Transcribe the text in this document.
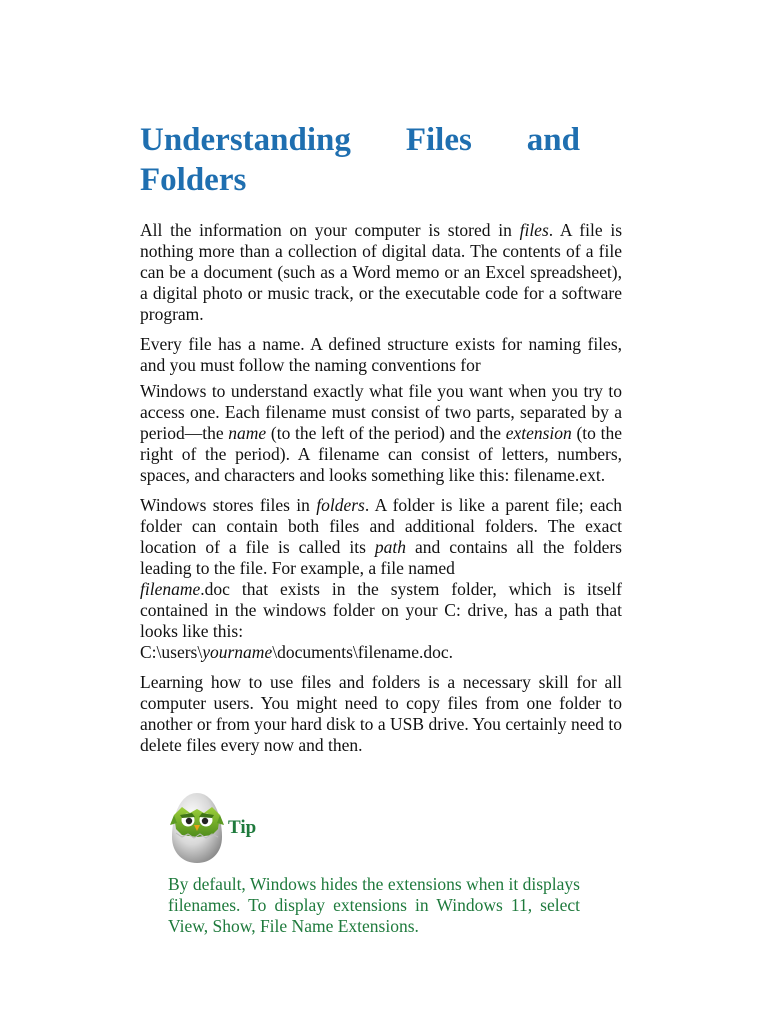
Understanding Files and
Folders

All the information on your computer is stored in files. A file is nothing more than a collection of digital data. The contents of a file can be a document (such as a Word memo or an Excel spreadsheet), a digital photo or music track, or the executable code for a software program.

Every file has a name. A defined structure exists for naming files, and you must follow the naming conventions for

Windows to understand exactly what file you want when you try to access one. Each filename must consist of two parts, separated by a period—the name (to the left of the period) and the extension (to the right of the period). A filename can consist of letters, numbers, spaces, and characters and looks something like this: filename.ext.

Windows stores files in folders. A folder is like a parent file; each folder can contain both files and additional folders. The exact location of a file is called its path and contains all the folders leading to the file. For example, a file named
filename.doc that exists in the system folder, which is itself contained in the windows folder on your C: drive, has a path that looks like this:
C:\users\yourname\documents\filename.doc.

Learning how to use files and folders is a necessary skill for all computer users. You might need to copy files from one folder to another or from your hard disk to a USB drive. You certainly need to delete files every now and then.

Tip
By default, Windows hides the extensions when it displays filenames. To display extensions in Windows 11, select View, Show, File Name Extensions.
